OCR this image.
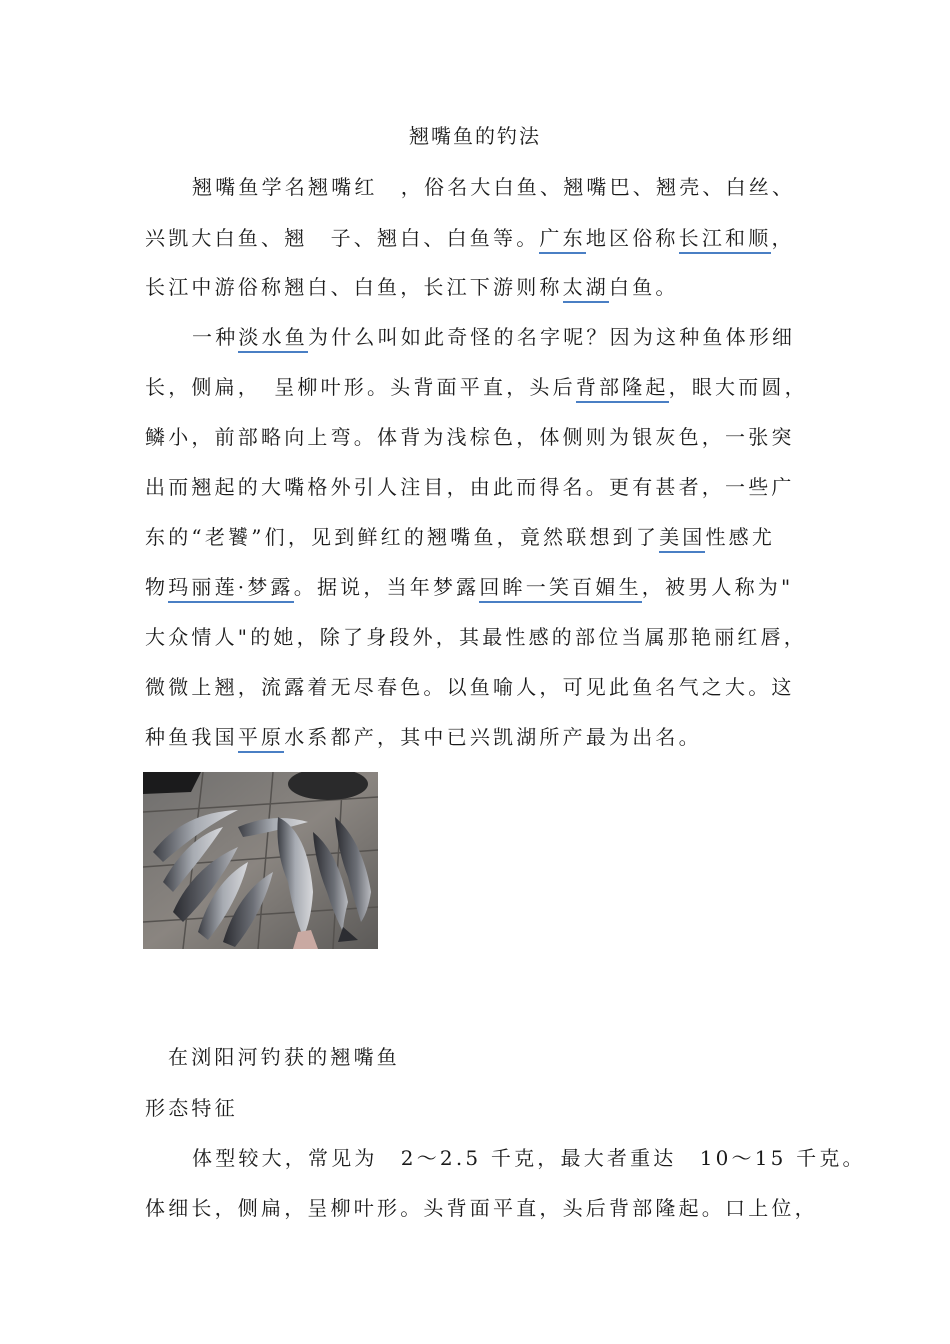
翘嘴鱼的钓法
翘嘴鱼学名翘嘴红　，俗名大白鱼、翘嘴巴、翘壳、白丝、
兴凯大白鱼、翘　子、翘白、白鱼等。广东地区俗称长江和顺，
长江中游俗称翘白、白鱼，长江下游则称太湖白鱼。
一种淡水鱼为什么叫如此奇怪的名字呢？因为这种鱼体形细
长，侧扁，　呈柳叶形。头背面平直，头后背部隆起，眼大而圆，
鳞小，前部略向上弯。体背为浅棕色，体侧则为银灰色，一张突
出而翘起的大嘴格外引人注目，由此而得名。更有甚者，一些广
东的“老饕”们，见到鲜红的翘嘴鱼，竟然联想到了美国性感尤
物玛丽莲·梦露。据说，当年梦露回眸一笑百媚生，被男人称为"
大众情人"的她，除了身段外，其最性感的部位当属那艳丽红唇，
微微上翘，流露着无尽春色。以鱼喻人，可见此鱼名气之大。这
种鱼我国平原水系都产，其中已兴凯湖所产最为出名。
在浏阳河钓获的翘嘴鱼
形态特征
体型较大，常见为　2～2.5 千克，最大者重达　10～15 千克。
体细长，侧扁，呈柳叶形。头背面平直，头后背部隆起。口上位，
